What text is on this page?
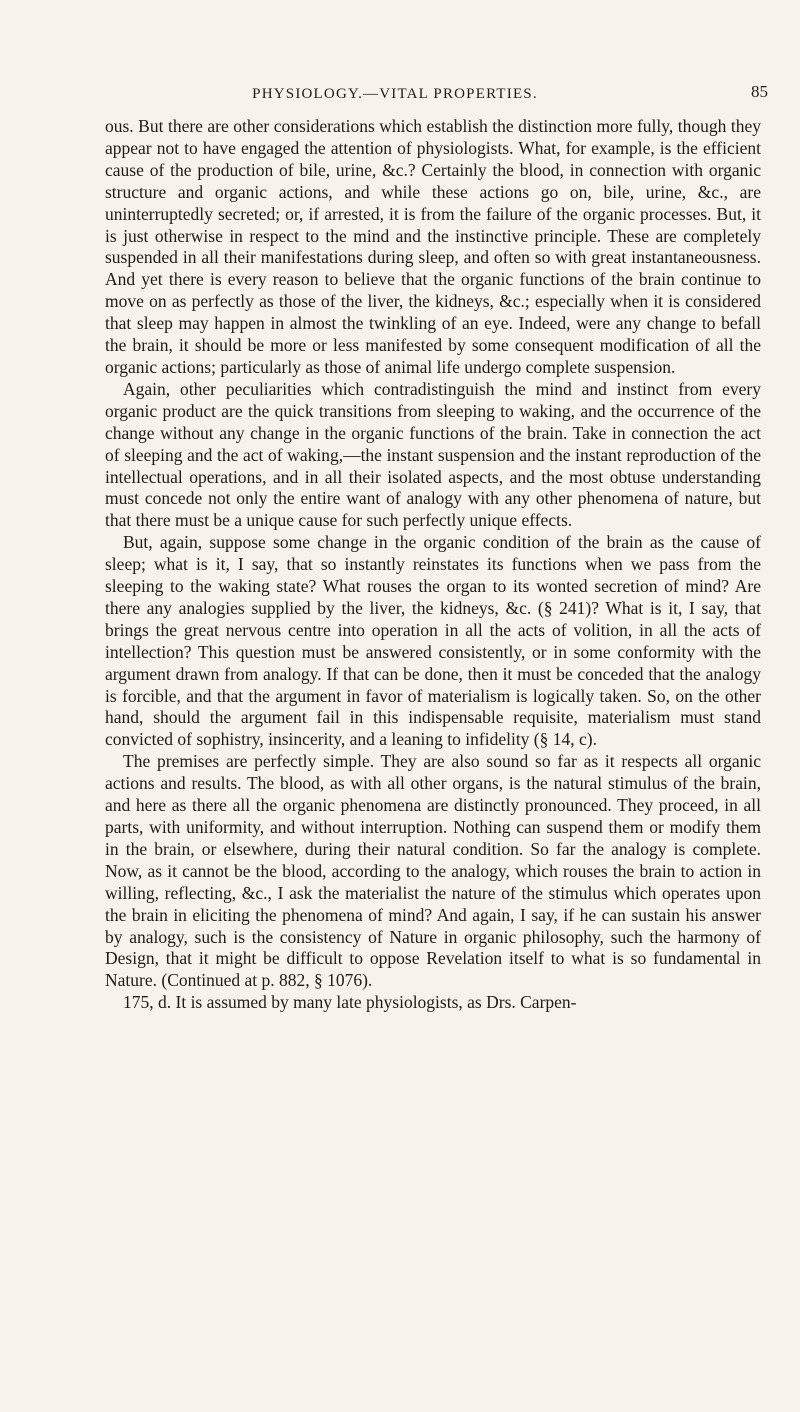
PHYSIOLOGY.—VITAL PROPERTIES.	85

ous. But there are other considerations which establish the distinction more fully, though they appear not to have engaged the attention of physiologists. What, for example, is the efficient cause of the production of bile, urine, &c.? Certainly the blood, in connection with organic structure and organic actions, and while these actions go on, bile, urine, &c., are uninterruptedly secreted; or, if arrested, it is from the failure of the organic processes. But, it is just otherwise in respect to the mind and the instinctive principle. These are completely suspended in all their manifestations during sleep, and often so with great instantaneousness. And yet there is every reason to believe that the organic functions of the brain continue to move on as perfectly as those of the liver, the kidneys, &c.; especially when it is considered that sleep may happen in almost the twinkling of an eye. Indeed, were any change to befall the brain, it should be more or less manifested by some consequent modification of all the organic actions; particularly as those of animal life undergo complete suspension.

Again, other peculiarities which contradistinguish the mind and instinct from every organic product are the quick transitions from sleeping to waking, and the occurrence of the change without any change in the organic functions of the brain. Take in connection the act of sleeping and the act of waking,—the instant suspension and the instant reproduction of the intellectual operations, and in all their isolated aspects, and the most obtuse understanding must concede not only the entire want of analogy with any other phenomena of nature, but that there must be a unique cause for such perfectly unique effects.

But, again, suppose some change in the organic condition of the brain as the cause of sleep; what is it, I say, that so instantly reinstates its functions when we pass from the sleeping to the waking state? What rouses the organ to its wonted secretion of mind? Are there any analogies supplied by the liver, the kidneys, &c. (§ 241)? What is it, I say, that brings the great nervous centre into operation in all the acts of volition, in all the acts of intellection? This question must be answered consistently, or in some conformity with the argument drawn from analogy. If that can be done, then it must be conceded that the analogy is forcible, and that the argument in favor of materialism is logically taken. So, on the other hand, should the argument fail in this indispensable requisite, materialism must stand convicted of sophistry, insincerity, and a leaning to infidelity (§ 14, c).

The premises are perfectly simple. They are also sound so far as it respects all organic actions and results. The blood, as with all other organs, is the natural stimulus of the brain, and here as there all the organic phenomena are distinctly pronounced. They proceed, in all parts, with uniformity, and without interruption. Nothing can suspend them or modify them in the brain, or elsewhere, during their natural condition. So far the analogy is complete. Now, as it cannot be the blood, according to the analogy, which rouses the brain to action in willing, reflecting, &c., I ask the materialist the nature of the stimulus which operates upon the brain in eliciting the phenomena of mind? And again, I say, if he can sustain his answer by analogy, such is the consistency of Nature in organic philosophy, such the harmony of Design, that it might be difficult to oppose Revelation itself to what is so fundamental in Nature. (Continued at p. 882, § 1076).

175, d. It is assumed by many late physiologists, as Drs. Carpen-
